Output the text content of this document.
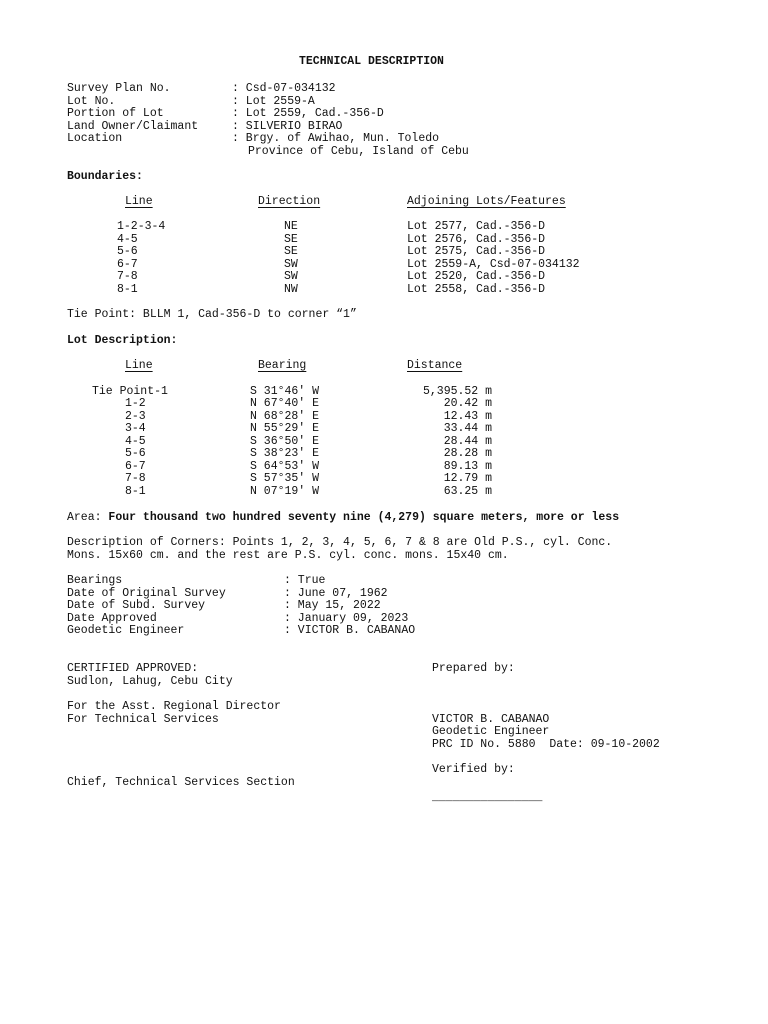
TECHNICAL DESCRIPTION
Survey Plan No.	: Csd-07-034132
Lot No.	: Lot 2559-A
Portion of Lot	: Lot 2559, Cad.-356-D
Land Owner/Claimant	: SILVERIO BIRAO
Location	: Brgy. of Awihao, Mun. Toledo
Province of Cebu, Island of Cebu
Boundaries:
Line	Direction	Adjoining Lots/Features
1-2-3-4	NE	Lot 2577, Cad.-356-D
4-5	SE	Lot 2576, Cad.-356-D
5-6	SE	Lot 2575, Cad.-356-D
6-7	SW	Lot 2559-A, Csd-07-034132
7-8	SW	Lot 2520, Cad.-356-D
8-1	NW	Lot 2558, Cad.-356-D
Tie Point: BLLM 1, Cad-356-D to corner “1”
Lot Description:
Line	Bearing	Distance
Tie Point-1	S 31°46' W	5,395.52 m
1-2	N 67°40' E	20.42 m
2-3	N 68°28' E	12.43 m
3-4	N 55°29' E	33.44 m
4-5	S 36°50' E	28.44 m
5-6	S 38°23' E	28.28 m
6-7	S 64°53' W	89.13 m
7-8	S 57°35' W	12.79 m
8-1	N 07°19' W	63.25 m
Area: Four thousand two hundred seventy nine (4,279) square meters, more or less
Description of Corners: Points 1, 2, 3, 4, 5, 6, 7 & 8 are Old P.S., cyl. Conc.
Mons. 15x60 cm. and the rest are P.S. cyl. conc. mons. 15x40 cm.
Bearings	: True
Date of Original Survey	: June 07, 1962
Date of Subd. Survey	: May 15, 2022
Date Approved	: January 09, 2023
Geodetic Engineer	: VICTOR B. CABANAO
CERTIFIED APPROVED:
Sudlon, Lahug, Cebu City
For the Asst. Regional Director
For Technical Services
Chief, Technical Services Section
Prepared by:
VICTOR B. CABANAO
Geodetic Engineer
PRC ID No. 5880  Date: 09-10-2002
Verified by:
________________
